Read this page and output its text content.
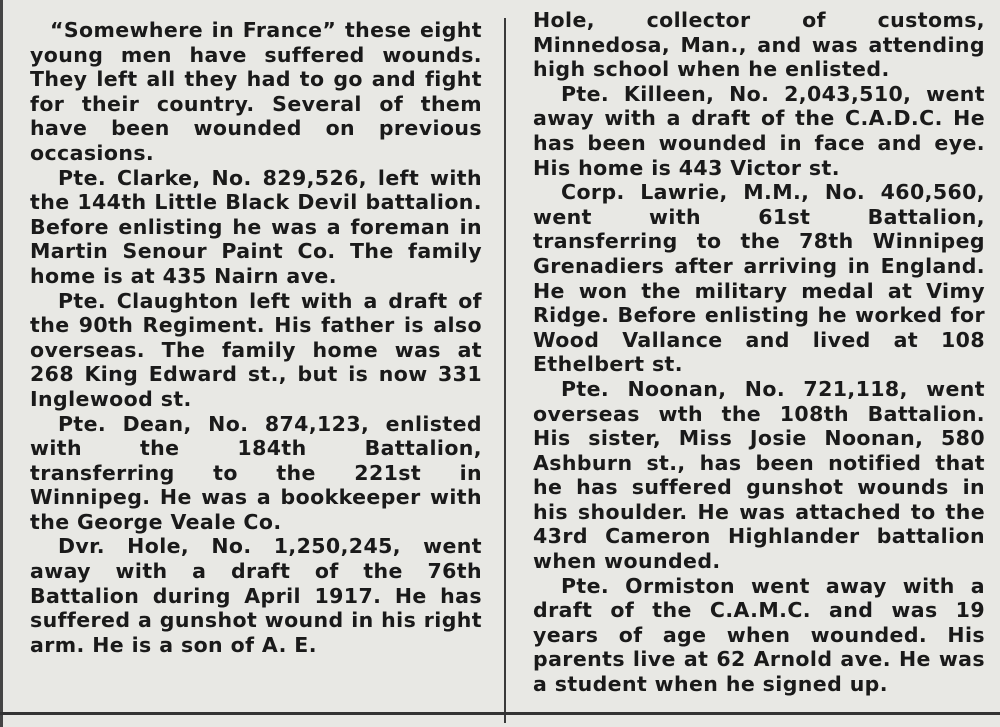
“Somewhere in France” these eight young men have suffered wounds. They left all they had to go and fight for their country. Several of them have been wounded on previous occasions.

Pte. Clarke, No. 829,526, left with the 144th Little Black Devil battalion. Before enlisting he was a foreman in Martin Senour Paint Co. The family home is at 435 Nairn ave.

Pte. Claughton left with a draft of the 90th Regiment. His father is also overseas. The family home was at 268 King Edward st., but is now 331 Inglewood st.

Pte. Dean, No. 874,123, enlisted with the 184th Battalion, transferring to the 221st in Winnipeg. He was a bookkeeper with the George Veale Co.

Dvr. Hole, No. 1,250,245, went away with a draft of the 76th Battalion during April 1917. He has suffered a gunshot wound in his right arm. He is a son of A. E.

Hole, collector of customs, Minnedosa, Man., and was attending high school when he enlisted.

Pte. Killeen, No. 2,043,510, went away with a draft of the C.A.D.C. He has been wounded in face and eye. His home is 443 Victor st.

Corp. Lawrie, M.M., No. 460,560, went with 61st Battalion, transferring to the 78th Winnipeg Grenadiers after arriving in England. He won the military medal at Vimy Ridge. Before enlisting he worked for Wood Vallance and lived at 108 Ethelbert st.

Pte. Noonan, No. 721,118, went overseas wth the 108th Battalion. His sister, Miss Josie Noonan, 580 Ashburn st., has been notified that he has suffered gunshot wounds in his shoulder. He was attached to the 43rd Cameron Highlander battalion when wounded.

Pte. Ormiston went away with a draft of the C.A.M.C. and was 19 years of age when wounded. His parents live at 62 Arnold ave. He was a student when he signed up.
